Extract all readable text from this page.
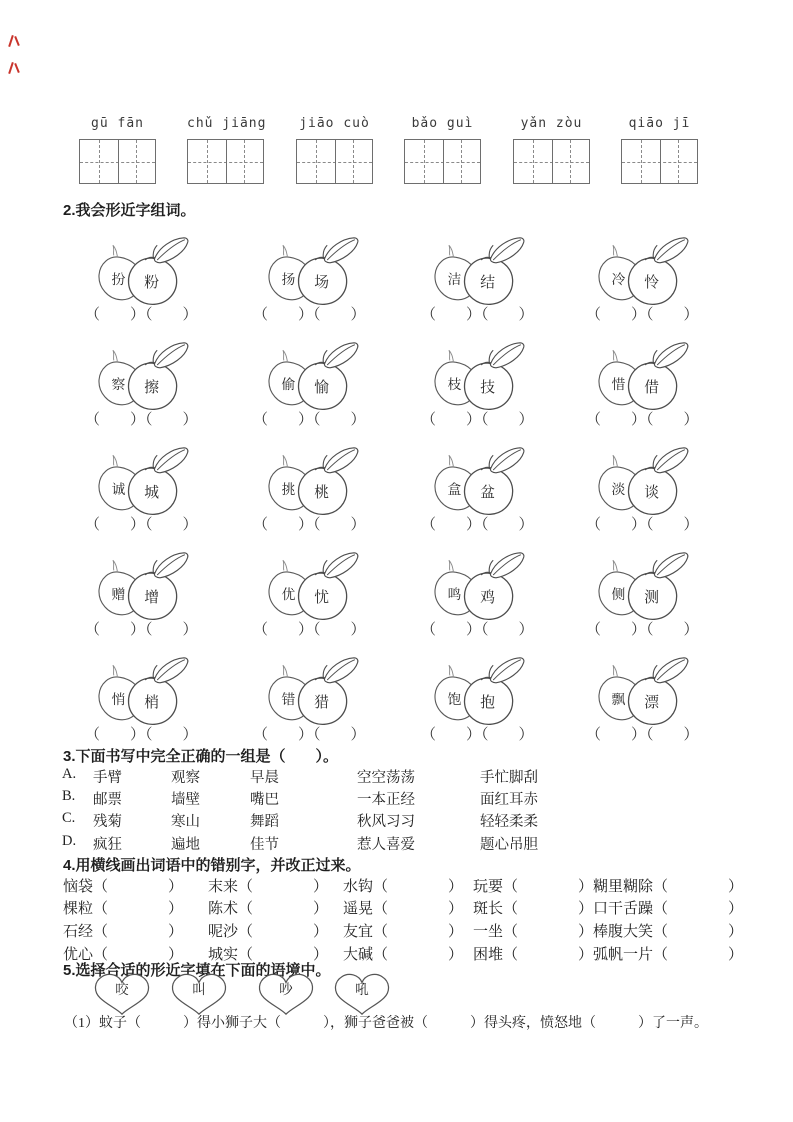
gū fān	chǔ jiāng	jiāo cuò	bǎo guì	yǎn zòu	qiāo jī
2.我会形近字组词。
扮 粉	扬 场	洁 结	冷 怜
（　　）（　　）	（　　）（　　）	（　　）（　　）	（　　）（　　）
察 擦	偷 愉	枝 技	惜 借
（　　）（　　）	（　　）（　　）	（　　）（　　）	（　　）（　　）
诚 城	挑 桃	盒 盆	淡 谈
（　　）（　　）	（　　）（　　）	（　　）（　　）	（　　）（　　）
赠 增	优 忧	鸣 鸡	侧 测
（　　）（　　）	（　　）（　　）	（　　）（　　）	（　　）（　　）
悄 梢	错 猎	饱 抱	飘 漂
（　　）（　　）	（　　）（　　）	（　　）（　　）	（　　）（　　）
3.下面书写中完全正确的一组是（　　）。
A.	手臂	观察	早晨	空空荡荡	手忙脚刮
B.	邮票	墙壁	嘴巴	一本正经	面红耳赤
C.	残菊	寒山	舞蹈	秋风习习	轻轻柔柔
D.	疯狂	遍地	佳节	惹人喜爱	题心吊胆
4.用横线画出词语中的错别字，并改正过来。
恼袋（　　　　） 末来（　　　　） 水钩（　　　　） 玩要（　　　　） 糊里糊除（　　　　）
棵粒（　　　　） 陈术（　　　　） 遥晃（　　　　） 斑长（　　　　） 口干舌躁（　　　　）
石经（　　　　） 呢沙（　　　　） 友宜（　　　　） 一坐（　　　　） 棒腹大笑（　　　　）
优心（　　　　） 城实（　　　　） 大碱（　　　　） 困堆（　　　　） 弧帆一片（　　　　）
5.选择合适的形近字填在下面的语境中。
咬	叫	吵	吼
（1）蚊子（　　　）得小狮子大（　　　），狮子爸爸被（　　　）得头疼，愤怒地（　　　）了一声。
